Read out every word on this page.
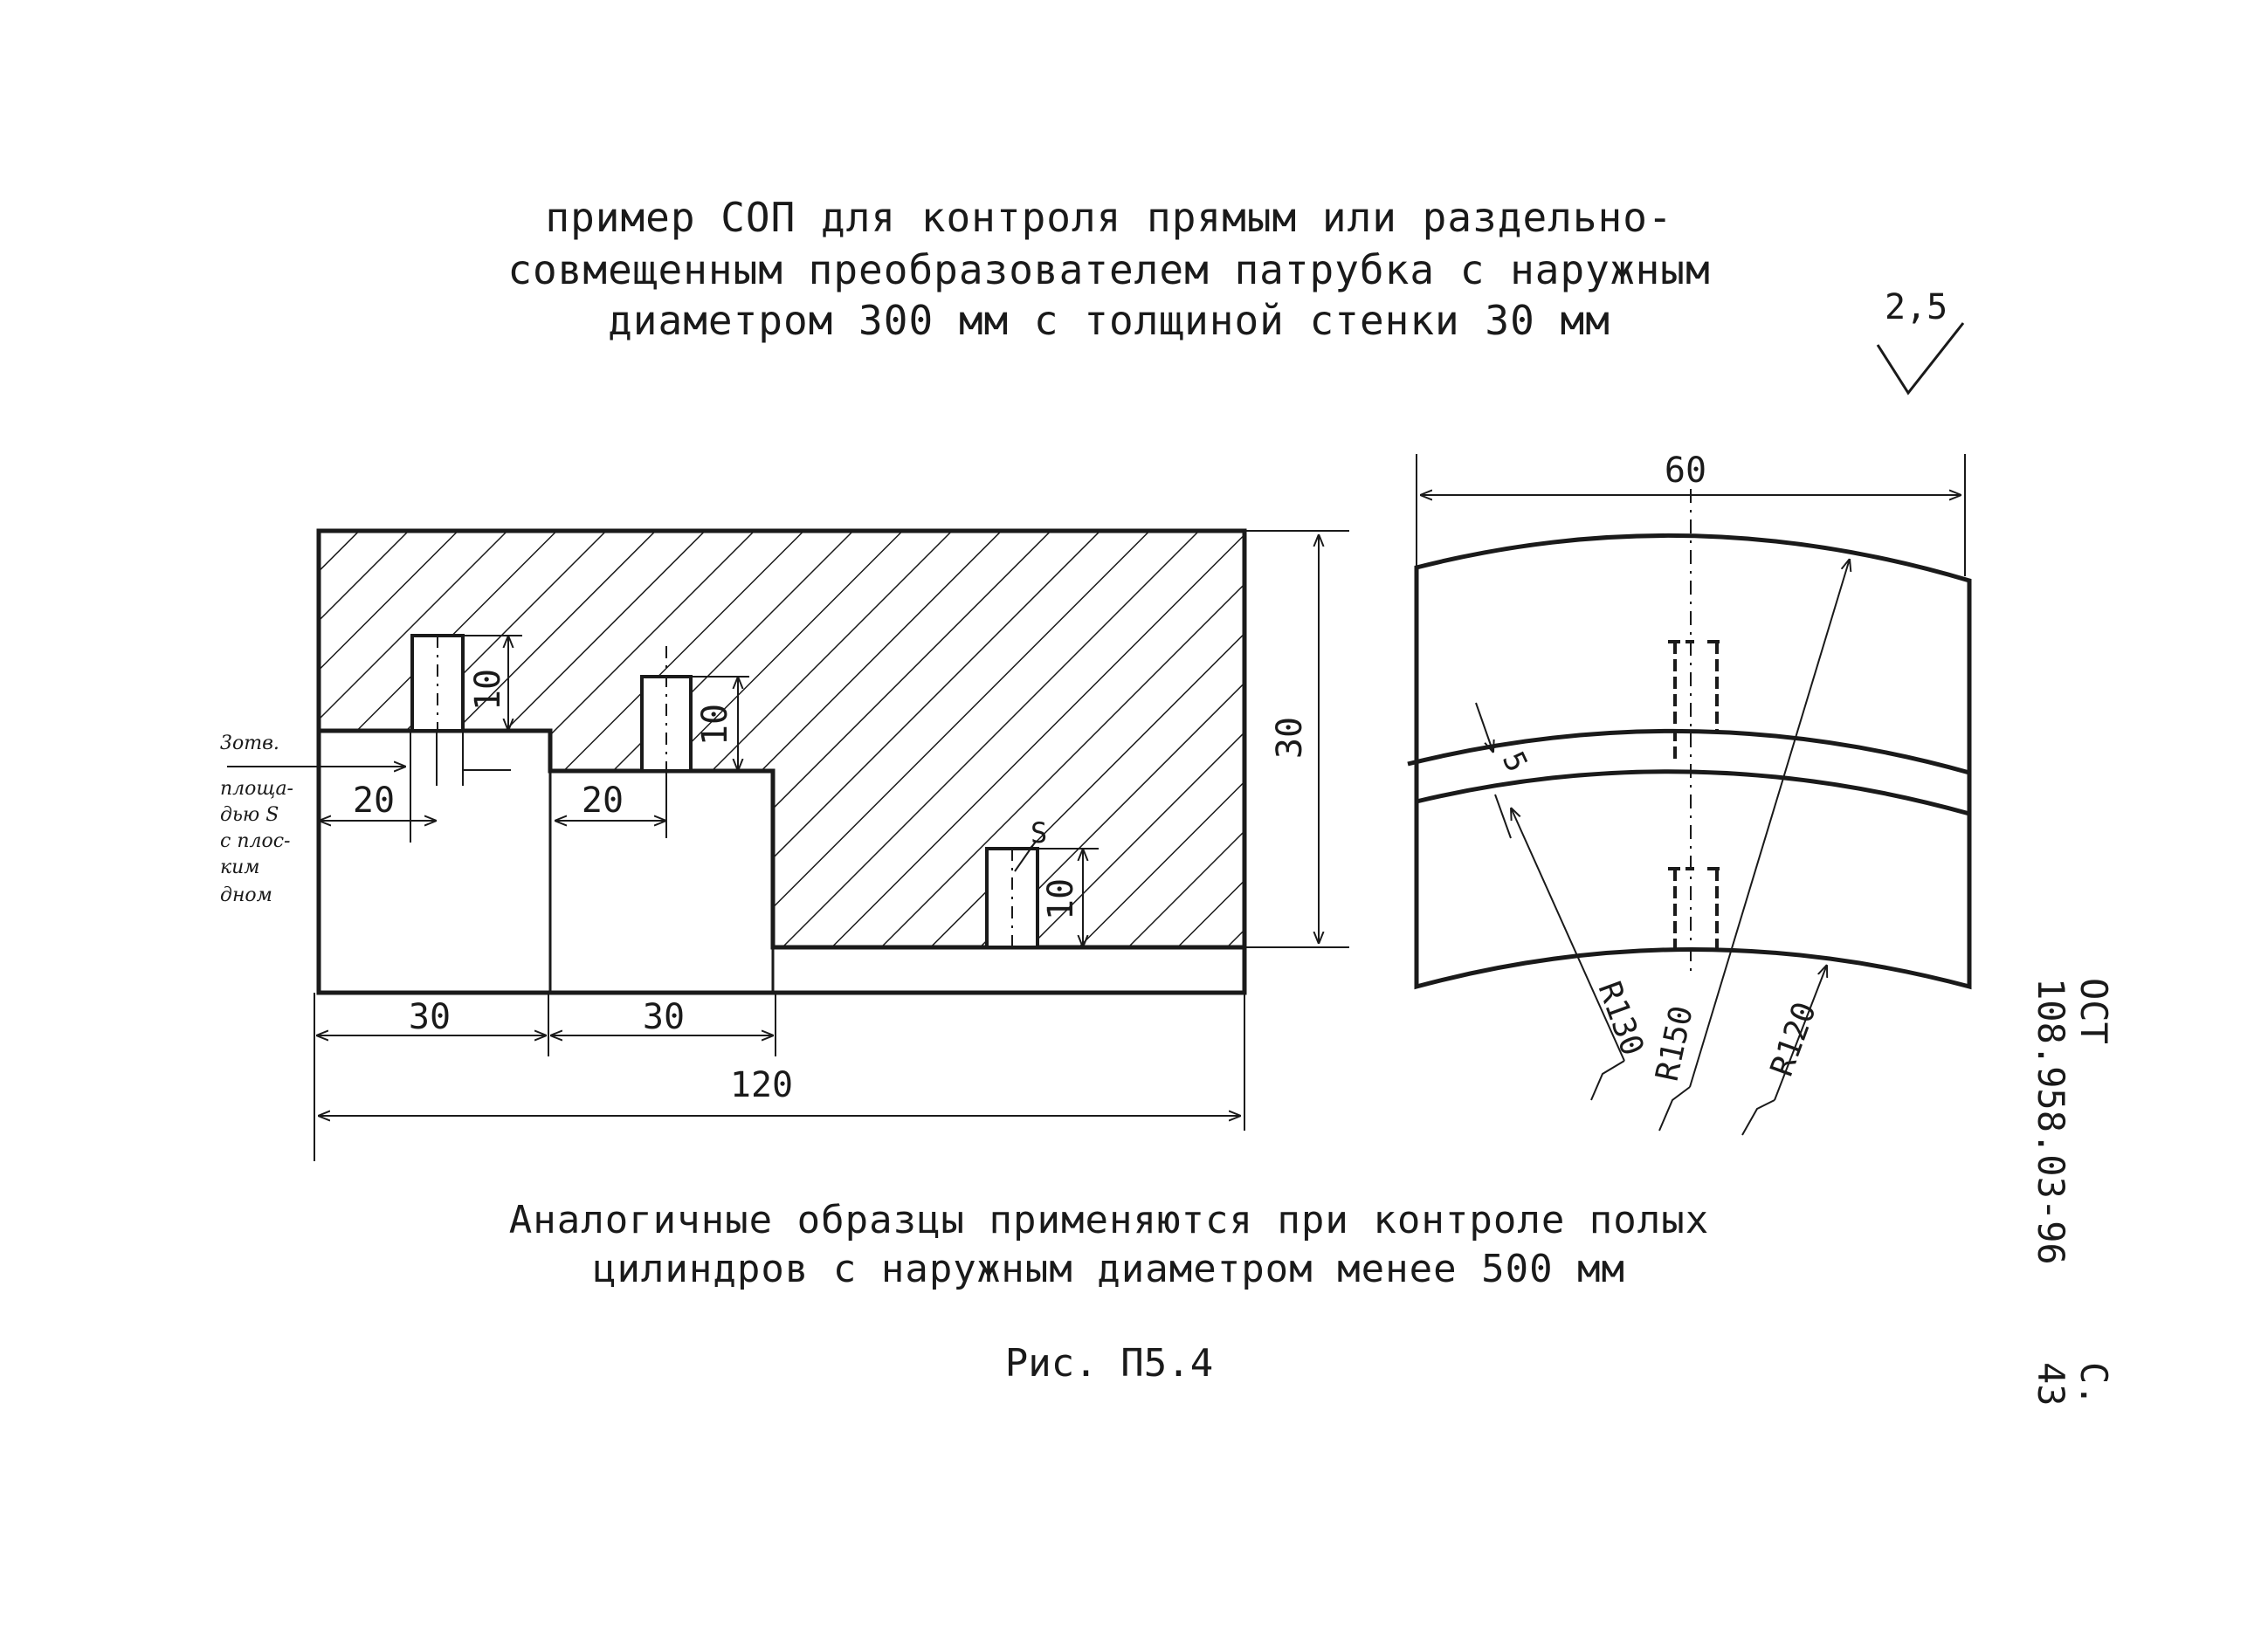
пример СОП для контроля прямым или раздельно-
совмещенным преобразователем патрубка с наружным
диаметром 300 мм с толщиной стенки 30 мм	2,5
10
10
10
S
20	20
30
30	30
120
3отв.
площа-
дью S
с плос-
ким
дном
60
5
R130
R150 R120
Аналогичные образцы применяются при контроле полых
цилиндров с наружным диаметром менее 500 мм
Рис. П5.4
ОСТ 108.958.03-96
С. 43
